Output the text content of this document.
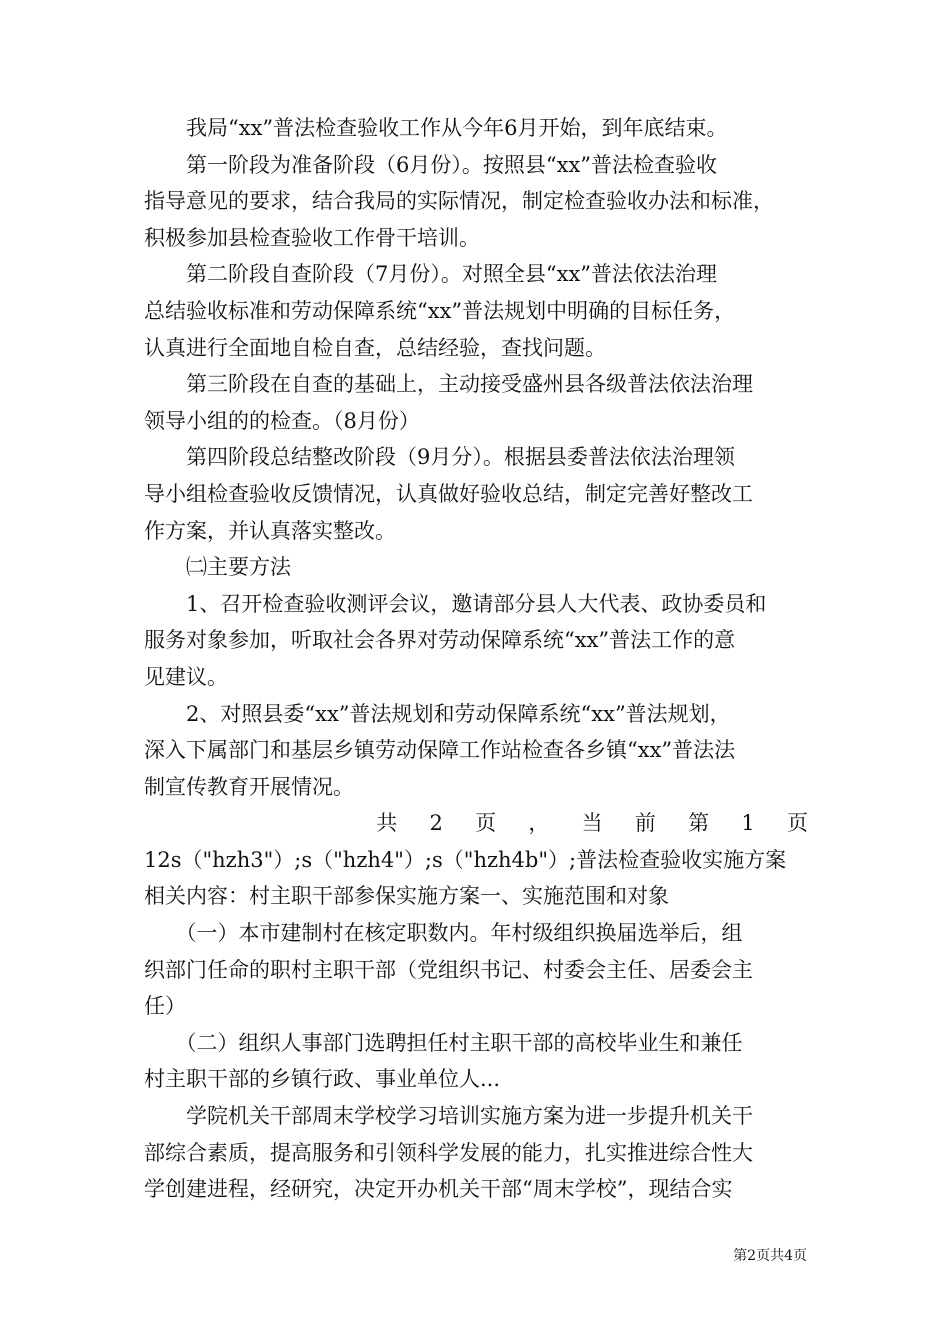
　　我局“xx”普法检查验收工作从今年6月开始，到年底结束。

　　第一阶段为准备阶段（6月份）。按照县“xx”普法检查验收

指导意见的要求，结合我局的实际情况，制定检查验收办法和标准，

积极参加县检查验收工作骨干培训。

　　第二阶段自查阶段（7月份）。对照全县“xx”普法依法治理

总结验收标准和劳动保障系统“xx”普法规划中明确的目标任务，

认真进行全面地自检自查，总结经验，查找问题。

　　第三阶段在自查的基础上，主动接受盛州县各级普法依法治理

领导小组的的检查。（8月份）

　　第四阶段总结整改阶段（9月分）。根据县委普法依法治理领

导小组检查验收反馈情况，认真做好验收总结，制定完善好整改工

作方案，并认真落实整改。

　　㈡主要方法

　　1、召开检查验收测评会议，邀请部分县人大代表、政协委员和

服务对象参加，听取社会各界对劳动保障系统“xx”普法工作的意

见建议。

　　2、对照县委“xx”普法规划和劳动保障系统“xx”普法规划，

深入下属部门和基层乡镇劳动保障工作站检查各乡镇“xx”普法法

制宣传教育开展情况。

共 2 页 ， 当 前 第 1 页

12s（"hzh3"）;s（"hzh4"）;s（"hzh4b"）;普法检查验收实施方案

相关内容：村主职干部参保实施方案一、实施范围和对象

　　（一）本市建制村在核定职数内。年村级组织换届选举后，组

织部门任命的职村主职干部（党组织书记、村委会主任、居委会主

任）

　　（二）组织人事部门选聘担任村主职干部的高校毕业生和兼任

村主职干部的乡镇行政、事业单位人...

　　学院机关干部周末学校学习培训实施方案为进一步提升机关干

部综合素质，提高服务和引领科学发展的能力，扎实推进综合性大

学创建进程，经研究，决定开办机关干部“周末学校”，现结合实

第2页共4页
